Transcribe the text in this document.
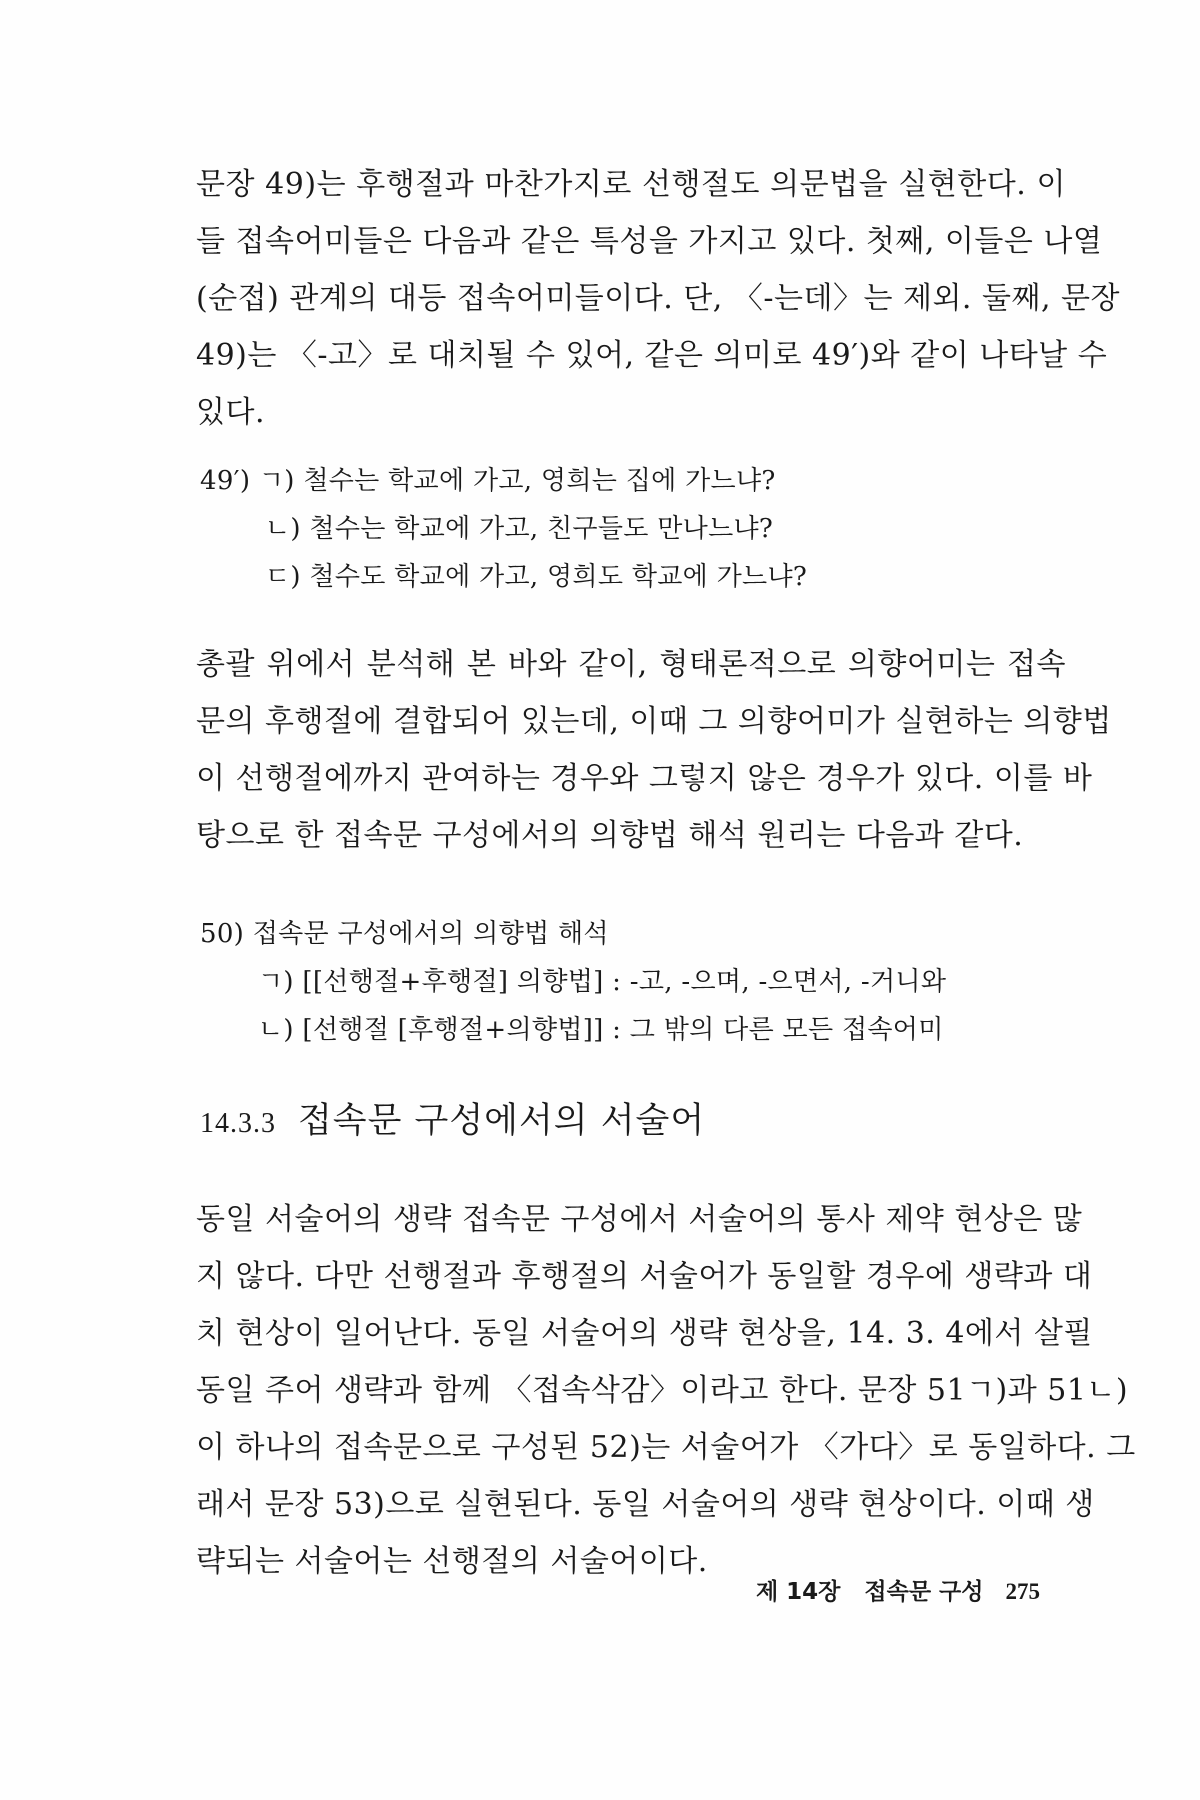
문장 49)는 후행절과 마찬가지로 선행절도 의문법을 실현한다. 이
들 접속어미들은 다음과 같은 특성을 가지고 있다. 첫째, 이들은 나열
(순접) 관계의 대등 접속어미들이다. 단, 〈-는데〉는 제외. 둘째, 문장
49)는 〈-고〉로 대치될 수 있어, 같은 의미로 49′)와 같이 나타날 수
있다.
49′) ㄱ) 철수는 학교에 가고, 영희는 집에 가느냐?
ㄴ) 철수는 학교에 가고, 친구들도 만나느냐?
ㄷ) 철수도 학교에 가고, 영희도 학교에 가느냐?
총괄 위에서 분석해 본 바와 같이, 형태론적으로 의향어미는 접속
문의 후행절에 결합되어 있는데, 이때 그 의향어미가 실현하는 의향법
이 선행절에까지 관여하는 경우와 그렇지 않은 경우가 있다. 이를 바
탕으로 한 접속문 구성에서의 의향법 해석 원리는 다음과 같다.
50) 접속문 구성에서의 의향법 해석
ㄱ) [[선행절+후행절] 의향법] : -고, -으며, -으면서, -거니와
ㄴ) [선행절 [후행절+의향법]] : 그 밖의 다른 모든 접속어미
14.3.3 접속문 구성에서의 서술어
동일 서술어의 생략 접속문 구성에서 서술어의 통사 제약 현상은 많
지 않다. 다만 선행절과 후행절의 서술어가 동일할 경우에 생략과 대
치 현상이 일어난다. 동일 서술어의 생략 현상을, 14. 3. 4에서 살필
동일 주어 생략과 함께 〈접속삭감〉이라고 한다. 문장 51ㄱ)과 51ㄴ)
이 하나의 접속문으로 구성된 52)는 서술어가 〈가다〉로 동일하다. 그
래서 문장 53)으로 실현된다. 동일 서술어의 생략 현상이다. 이때 생
략되는 서술어는 선행절의 서술어이다.
제 14장 접속문 구성 275
